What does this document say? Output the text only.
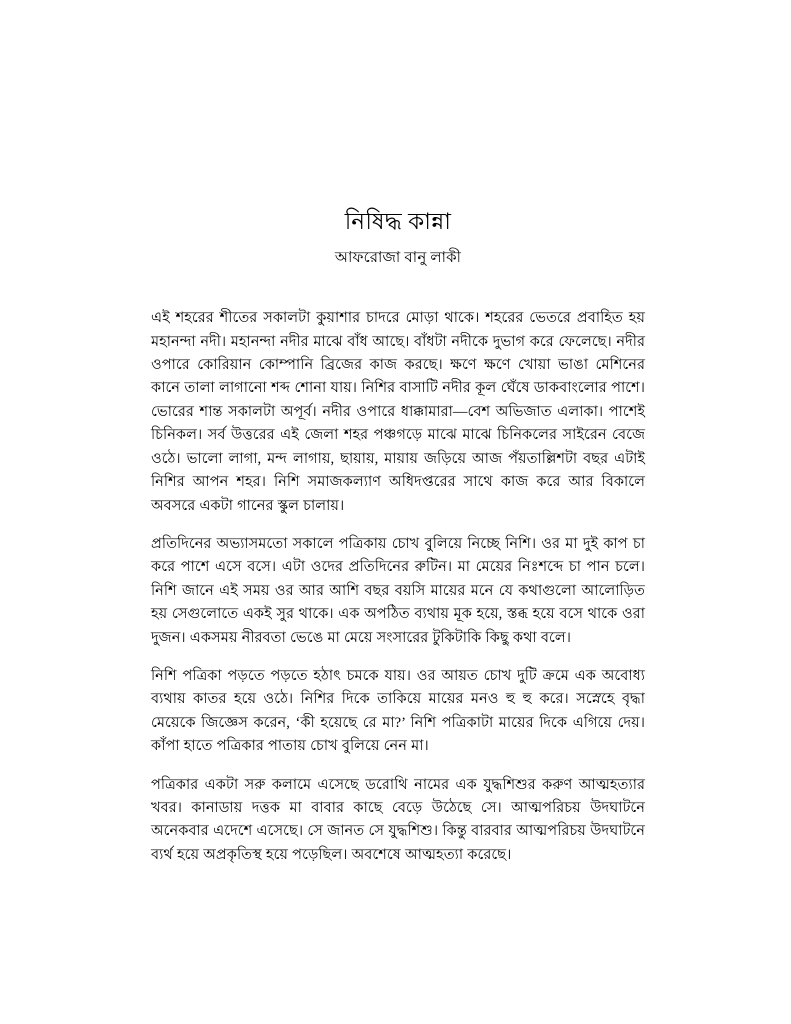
নিষিদ্ধ কান্না

আফরোজা বানু লাকী

এই শহরের শীতের সকালটা কুয়াশার চাদরে মোড়া থাকে। শহরের ভেতরে প্রবাহিত হয় মহানন্দা নদী। মহানন্দা নদীর মাঝে বাঁধ আছে। বাঁধটা নদীকে দুভাগ করে ফেলেছে। নদীর ওপারে কোরিয়ান কোম্পানি ব্রিজের কাজ করছে। ক্ষণে ক্ষণে খোয়া ভাঙা মেশিনের কানে তালা লাগানো শব্দ শোনা যায়। নিশির বাসাটি নদীর কূল ঘেঁষে ডাকবাংলোর পাশে। ভোরের শান্ত সকালটা অপূর্ব। নদীর ওপারে ধাক্কামারা—বেশ অভিজাত এলাকা। পাশেই চিনিকল। সর্ব উত্তরের এই জেলা শহর পঞ্চগড়ে মাঝে মাঝে চিনিকলের সাইরেন বেজে ওঠে। ভালো লাগা, মন্দ লাগায়, ছায়ায়, মায়ায় জড়িয়ে আজ পঁয়তাল্লিশটা বছর এটাই নিশির আপন শহর। নিশি সমাজকল্যাণ অধিদপ্তরের সাথে কাজ করে আর বিকালে অবসরে একটা গানের স্কুল চালায়।

প্রতিদিনের অভ্যাসমতো সকালে পত্রিকায় চোখ বুলিয়ে নিচ্ছে নিশি। ওর মা দুই কাপ চা করে পাশে এসে বসে। এটা ওদের প্রতিদিনের রুটিন। মা মেয়ের নিঃশব্দে চা পান চলে। নিশি জানে এই সময় ওর আর আশি বছর বয়সি মায়ের মনে যে কথাগুলো আলোড়িত হয় সেগুলোতে একই সুর থাকে। এক অপঠিত ব্যথায় মূক হয়ে, স্তব্ধ হয়ে বসে থাকে ওরা দুজন। একসময় নীরবতা ভেঙে মা মেয়ে সংসারের টুকিটাকি কিছু কথা বলে।

নিশি পত্রিকা পড়তে পড়তে হঠাৎ চমকে যায়। ওর আয়ত চোখ দুটি ক্রমে এক অবোধ্য ব্যথায় কাতর হয়ে ওঠে। নিশির দিকে তাকিয়ে মায়ের মনও হু হু করে। সস্নেহে বৃদ্ধা মেয়েকে জিজ্ঞেস করেন, ‘কী হয়েছে রে মা?’ নিশি পত্রিকাটা মায়ের দিকে এগিয়ে দেয়। কাঁপা হাতে পত্রিকার পাতায় চোখ বুলিয়ে নেন মা।

পত্রিকার একটা সরু কলামে এসেছে ডরোথি নামের এক যুদ্ধশিশুর করুণ আত্মহত্যার খবর। কানাডায় দত্তক মা বাবার কাছে বেড়ে উঠেছে সে। আত্মপরিচয় উদঘাটনে অনেকবার এদেশে এসেছে। সে জানত সে যুদ্ধশিশু। কিন্তু বারবার আত্মপরিচয় উদঘাটনে ব্যর্থ হয়ে অপ্রকৃতিস্থ হয়ে পড়েছিল। অবশেষে আত্মহত্যা করেছে।
